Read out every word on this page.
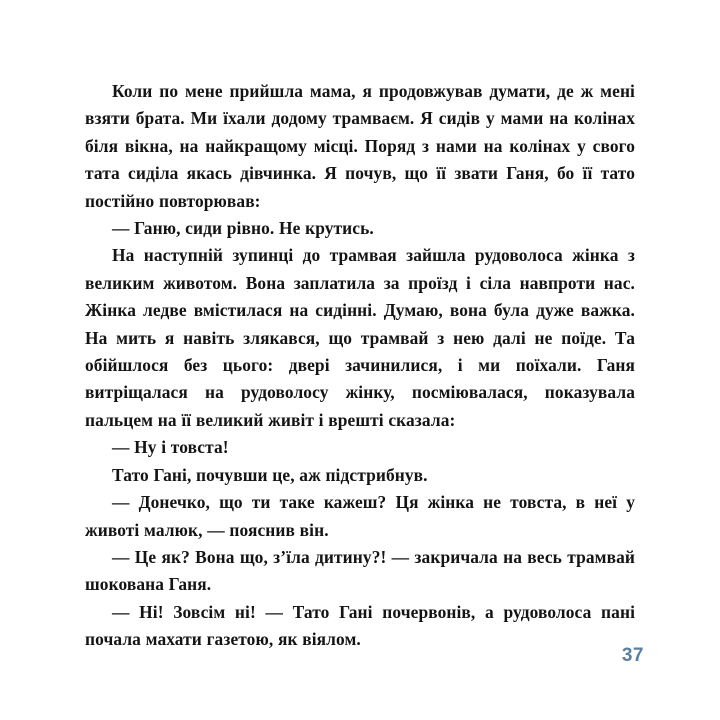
Коли по мене прийшла мама, я продовжував думати, де ж мені взяти брата. Ми їхали додому трамваєм. Я сидів у мами на колінах біля вікна, на найкращому місці. Поряд з нами на колінах у свого тата сиділа якась дівчинка. Я почув, що її звати Ганя, бо її тато постійно повторював:

— Ганю, сиди рівно. Не крутись.

На наступній зупинці до трамвая зайшла рудоволоса жінка з великим животом. Вона заплатила за проїзд і сіла навпроти нас. Жінка ледве вмістилася на сидінні. Думаю, вона була дуже важка. На мить я навіть злякався, що трамвай з нею далі не поїде. Та обійшлося без цього: двері зачинилися, і ми поїхали. Ганя витріщалася на рудоволосу жінку, посміювалася, показувала пальцем на її великий живіт і врешті сказала:

— Ну і товста!

Тато Гані, почувши це, аж підстрибнув.

— Донечко, що ти таке кажеш? Ця жінка не товста, в неї у животі малюк, — пояснив він.

— Це як? Вона що, з’їла дитину?! — закричала на весь трамвай шокована Ганя.

— Ні! Зовсім ні! — Тато Гані почервонів, а рудоволоса пані почала махати газетою, як віялом.

37
